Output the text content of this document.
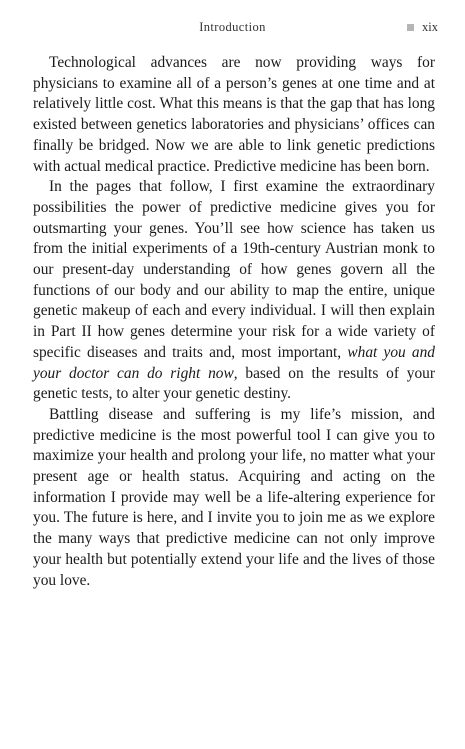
Introduction	xix

Technological advances are now providing ways for physicians to examine all of a person’s genes at one time and at relatively little cost. What this means is that the gap that has long existed between genetics laboratories and physicians’ offices can finally be bridged. Now we are able to link genetic predictions with actual medical practice. Predictive medicine has been born.

In the pages that follow, I first examine the extraordinary possibilities the power of predictive medicine gives you for outsmarting your genes. You’ll see how science has taken us from the initial experiments of a 19th-century Austrian monk to our present-day understanding of how genes govern all the functions of our body and our ability to map the entire, unique genetic makeup of each and every individual. I will then explain in Part II how genes determine your risk for a wide variety of specific diseases and traits and, most important, what you and your doctor can do right now, based on the results of your genetic tests, to alter your genetic destiny.

Battling disease and suffering is my life’s mission, and predictive medicine is the most powerful tool I can give you to maximize your health and prolong your life, no matter what your present age or health status. Acquiring and acting on the information I provide may well be a life-altering experience for you. The future is here, and I invite you to join me as we explore the many ways that predictive medicine can not only improve your health but potentially extend your life and the lives of those you love.
